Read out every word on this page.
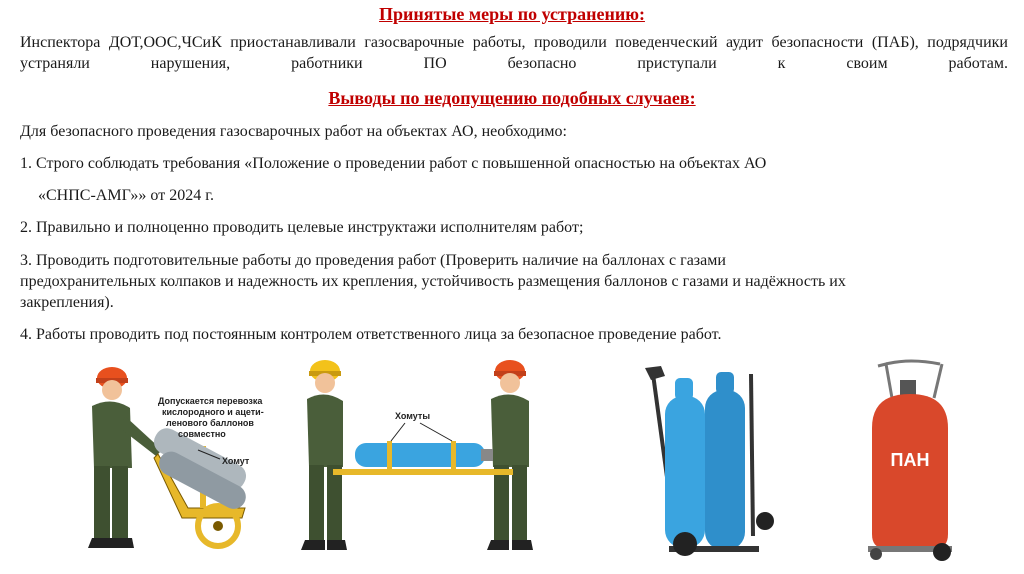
Принятые меры по устранению:
Инспектора ДОТ,ООС,ЧСиК приостанавливали газосварочные работы, проводили поведенческий аудит безопасности (ПАБ), подрядчики устраняли нарушения, работники ПО безопасно приступали к своим работам.
Выводы по недопущению подобных случаев:
Для безопасного проведения газосварочных работ на объектах АО, необходимо:
1. Строго соблюдать требования «Положение о проведении работ с повышенной опасностью на объектах АО
«СНПС-АМГ»» от 2024 г.
2. Правильно и полноценно проводить целевые инструктажи исполнителям работ;
3. Проводить подготовительные работы до проведения работ (Проверить наличие на баллонах с газами
предохранительных колпаков и надежность их крепления, устойчивость размещения баллонов с газами и надёжность их
закрепления).
4. Работы проводить под постоянным контролем ответственного лица за безопасное проведение работ.
Допускается перевозка кислородного и ацети- ленового баллонов совместно
Хомут
Хомуты
ПАН
